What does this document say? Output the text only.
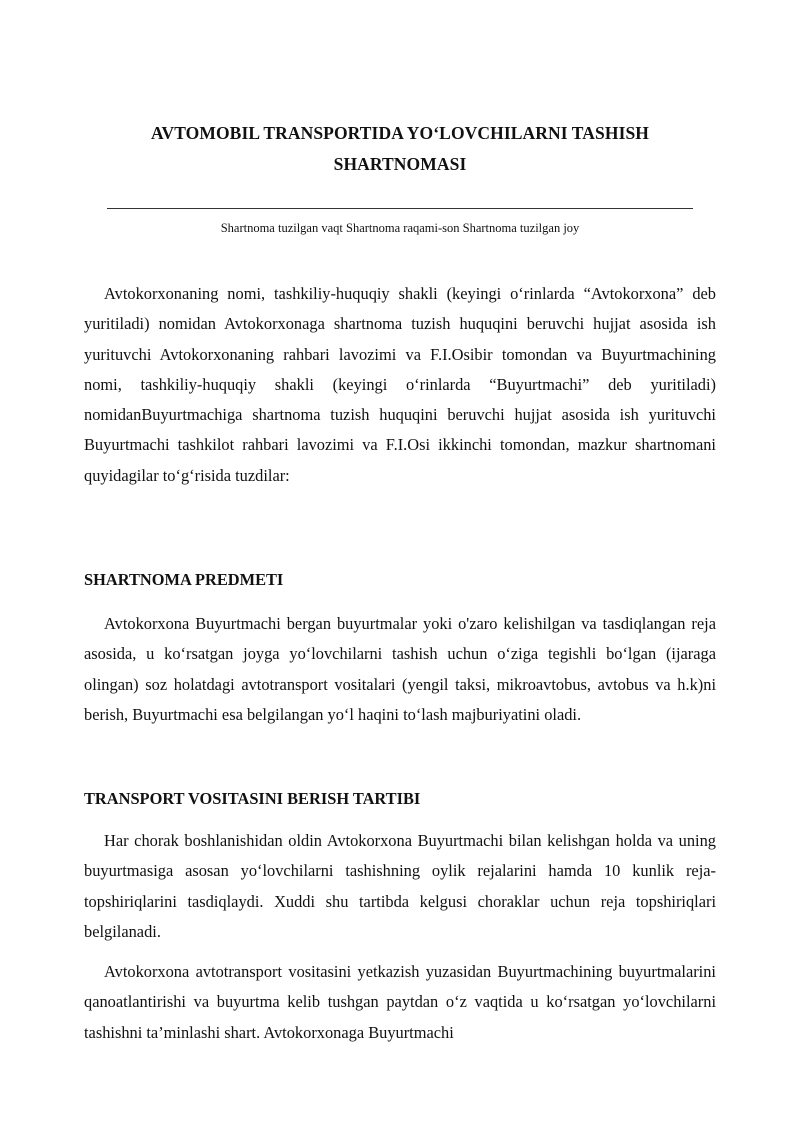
AVTOMOBIL TRANSPORTIDA YO‘LOVCHILARNI TASHISH
SHARTNOMASI

Shartnoma tuzilgan vaqt Shartnoma raqami-son Shartnoma tuzilgan joy

Avtokorxonaning nomi, tashkiliy-huquqiy shakli (keyingi o‘rinlarda “Avtokorxona” deb yuritiladi) nomidan Avtokorxonaga shartnoma tuzish huquqini beruvchi hujjat asosida ish yurituvchi Avtokorxonaning rahbari lavozimi va F.I.Osibir tomondan va Buyurtmachining nomi, tashkiliy-huquqiy shakli (keyingi o‘rinlarda “Buyurtmachi” deb yuritiladi) nomidanBuyurtmachiga shartnoma tuzish huquqini beruvchi hujjat asosida ish yurituvchi Buyurtmachi tashkilot rahbari lavozimi va F.I.Osi ikkinchi tomondan, mazkur shartnomani quyidagilar to‘g‘risida tuzdilar:

SHARTNOMA PREDMETI

Avtokorxona Buyurtmachi bergan buyurtmalar yoki o'zaro kelishilgan va tasdiqlangan reja asosida, u ko‘rsatgan joyga yo‘lovchilarni tashish uchun o‘ziga tegishli bo‘lgan (ijaraga olingan) soz holatdagi avtotransport vositalari (yengil taksi, mikroavtobus, avtobus va h.k)ni berish, Buyurtmachi esa belgilangan yo‘l haqini to‘lash majburiyatini oladi.

TRANSPORT VOSITASINI BERISH TARTIBI

Har chorak boshlanishidan oldin Avtokorxona Buyurtmachi bilan kelishgan holda va uning buyurtmasiga asosan yo‘lovchilarni tashishning oylik rejalarini hamda 10 kunlik reja-topshiriqlarini tasdiqlaydi. Xuddi shu tartibda kelgusi choraklar uchun reja topshiriqlari belgilanadi.

Avtokorxona avtotransport vositasini yetkazish yuzasidan Buyurtmachining buyurtmalarini qanoatlantirishi va buyurtma kelib tushgan paytdan o‘z vaqtida u ko‘rsatgan yo‘lovchilarni tashishni ta’minlashi shart. Avtokorxonaga Buyurtmachi
